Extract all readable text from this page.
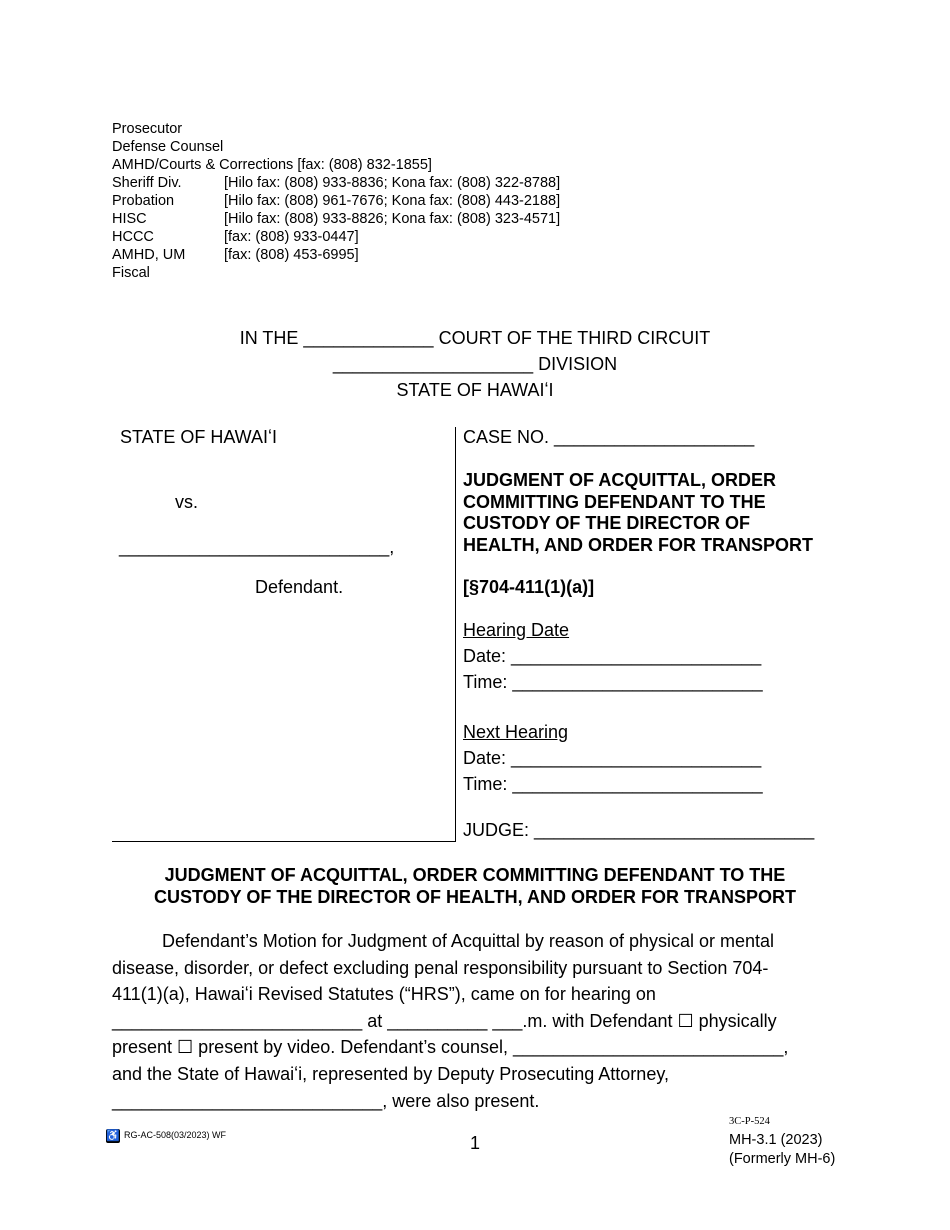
Prosecutor
Defense Counsel
AMHD/Courts & Corrections [fax: (808) 832-1855]
Sheriff Div.	[Hilo fax: (808) 933-8836; Kona fax: (808) 322-8788]
Probation	[Hilo fax: (808) 961-7676; Kona fax: (808) 443-2188]
HISC	[Hilo fax: (808) 933-8826; Kona fax: (808) 323-4571]
HCCC	[fax: (808) 933-0447]
AMHD, UM	[fax: (808) 453-6995]
Fiscal
IN THE _____________ COURT OF THE THIRD CIRCUIT
____________________ DIVISION
STATE OF HAWAIʻI
STATE OF HAWAIʻI
vs.
___________________________,
Defendant.
CASE NO. ____________________
JUDGMENT OF ACQUITTAL, ORDER
COMMITTING DEFENDANT TO THE
CUSTODY OF THE DIRECTOR OF
HEALTH, AND ORDER FOR TRANSPORT
[§704-411(1)(a)]
Hearing Date
Date: _________________________
Time: _________________________
Next Hearing
Date: _________________________
Time: _________________________
JUDGE: ____________________________
JUDGMENT OF ACQUITTAL, ORDER COMMITTING DEFENDANT TO THE
CUSTODY OF THE DIRECTOR OF HEALTH, AND ORDER FOR TRANSPORT
Defendant’s Motion for Judgment of Acquittal by reason of physical or mental
disease, disorder, or defect excluding penal responsibility pursuant to Section 704-
411(1)(a), Hawaiʻi Revised Statutes (“HRS”), came on for hearing on
_________________________ at __________ ___.m. with Defendant ☐ physically
present ☐ present by video. Defendant’s counsel, ___________________________,
and the State of Hawaiʻi, represented by Deputy Prosecuting Attorney,
___________________________, were also present.
♿ RG-AC-508(03/2023) WF	1
3C-P-524
MH-3.1 (2023)
(Formerly MH-6)
